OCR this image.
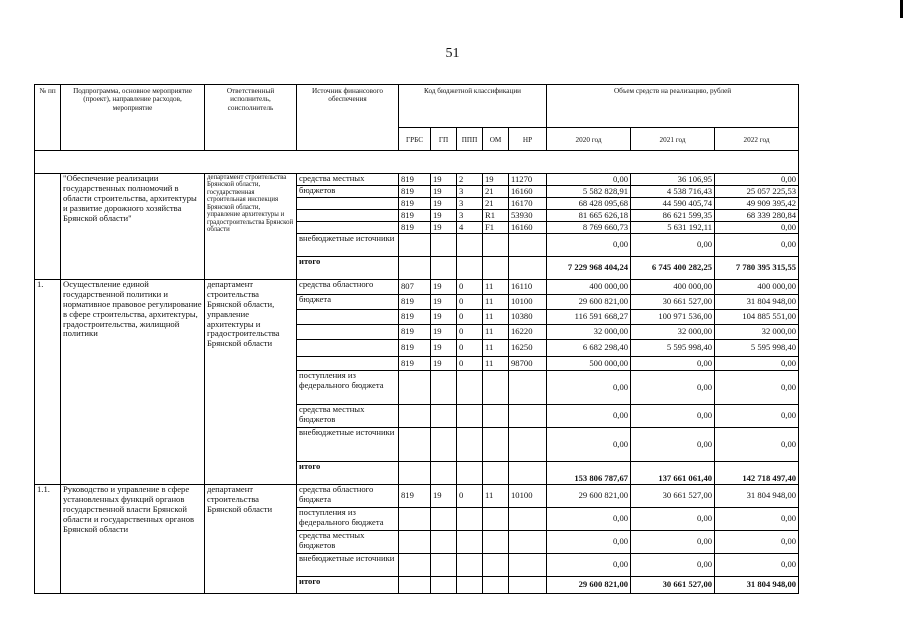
51
№ пп	Подпрограмма, основное мероприятие (проект), направление расходов, мероприятие	Ответственный исполнитель, соисполнитель	Источник финансового обеспечения	Код бюджетной классификации					Объем средств на реализацию, рублей	
				ГРБС	ГП	ППП	ОМ	НР	2020 год	2021 год	2022 год	

	"Обеспечение реализации государственных полномочий в области строительства, архитектуры и развитие дорожного хозяйства Брянской области"	департамент строительства Брянской области, государственная строительная инспекция Брянской области, управление архитектуры и градостроительства Брянской области	средства местных	819	19	2	19	11270	0,00	36 106,95	0,00	
			бюджетов	819	19	3	21	16160	5 582 828,91	4 538 716,43	25 057 225,53	
				819	19	3	21	16170	68 428 095,68	44 590 405,74	49 909 395,42	
				819	19	3	R1	53930	81 665 626,18	86 621 599,35	68 339 280,84	
				819	19	4	F1	16160	8 769 660,73	5 631 192,11	0,00	
			внебюджетные источники						0,00	0,00	0,00	
			итого						7 229 968 404,24	6 745 400 282,25	7 780 395 315,55	
1.	Осуществление единой государственной политики и нормативное правовое регулирование в сфере строительства, архитектуры, градостроительства, жилищной политики	департамент строительства Брянской области, управление архитектуры и градостроительства Брянской области	средства областного	807	19	0	11	16110	400 000,00	400 000,00	400 000,00	
			бюджета	819	19	0	11	10100	29 600 821,00	30 661 527,00	31 804 948,00	
				819	19	0	11	10380	116 591 668,27	100 971 536,00	104 885 551,00	
				819	19	0	11	16220	32 000,00	32 000,00	32 000,00	
				819	19	0	11	16250	6 682 298,40	5 595 998,40	5 595 998,40	
				819	19	0	11	98700	500 000,00	0,00	0,00	
			поступления из федерального бюджета						0,00	0,00	0,00	
			средства местных бюджетов						0,00	0,00	0,00	
			внебюджетные источники						0,00	0,00	0,00	
			итого						153 806 787,67	137 661 061,40	142 718 497,40	
1.1.	Руководство и управление в сфере установленных функций органов государственной власти Брянской области и государственных органов Брянской области	департамент строительства Брянской области	средства областного бюджета	819	19	0	11	10100	29 600 821,00	30 661 527,00	31 804 948,00	
			поступления из федерального бюджета						0,00	0,00	0,00	
			средства местных бюджетов						0,00	0,00	0,00	
			внебюджетные источники						0,00	0,00	0,00	
			итого						29 600 821,00	30 661 527,00	31 804 948,00	
